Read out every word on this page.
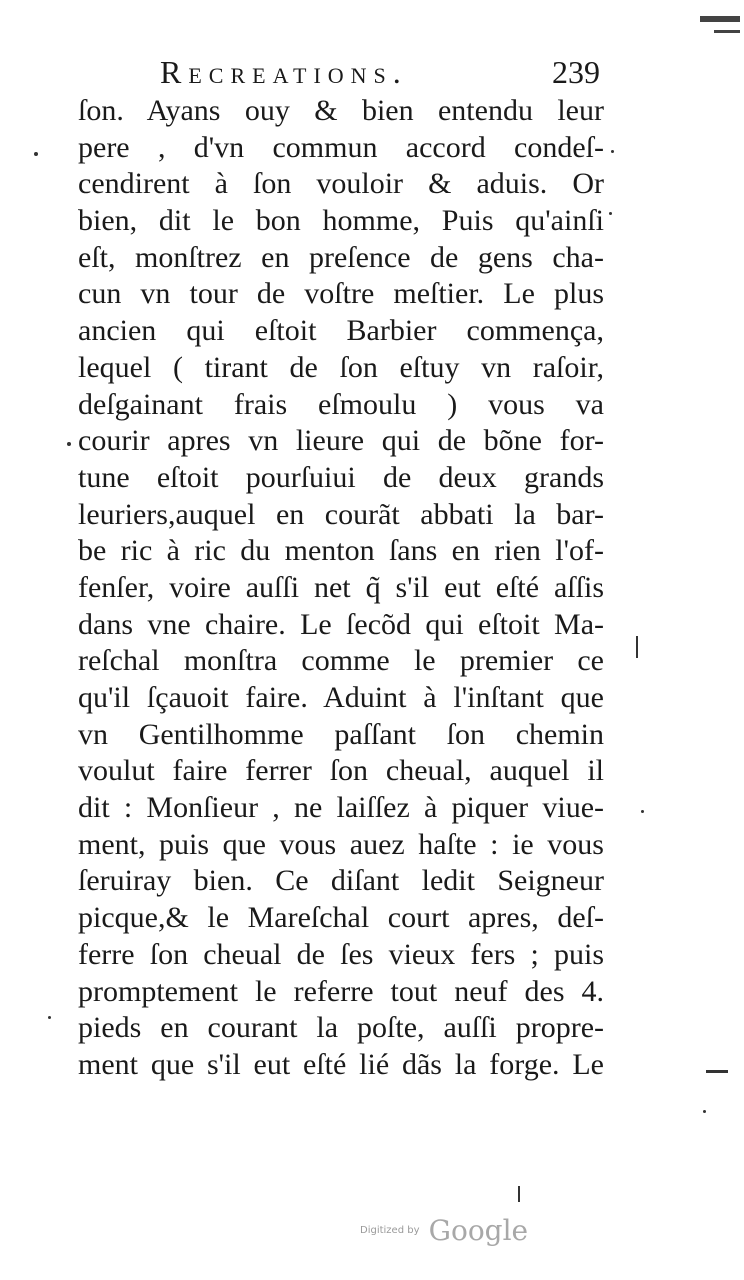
Recreations.	239
ſon. Ayans ouy & bien entendu leur
pere , d'vn commun accord condeſ-
cendirent à ſon vouloir & aduis. Or
bien, dit le bon homme, Puis qu'ainſi
eſt, monſtrez en preſence de gens cha-
cun vn tour de voſtre meſtier. Le plus
ancien qui eſtoit Barbier commença,
lequel ( tirant de ſon eſtuy vn raſoir,
deſgainant frais eſmoulu ) vous va
courir apres vn lieure qui de bõne for-
tune eſtoit pourſuiui de deux grands
leuriers,auquel en courãt abbati la bar-
be ric à ric du menton ſans en rien l'of-
fenſer, voire auſſi net q̃ s'il eut eſté aſſis
dans vne chaire. Le ſecõd qui eſtoit Ma-
reſchal monſtra comme le premier ce
qu'il ſçauoit faire. Aduint à l'inſtant que
vn Gentilhomme paſſant ſon chemin
voulut faire ferrer ſon cheual, auquel il
dit : Monſieur , ne laiſſez à piquer viue-
ment, puis que vous auez haſte : ie vous
ſeruiray bien. Ce diſant ledit Seigneur
picque,& le Mareſchal court apres, deſ-
ferre ſon cheual de ſes vieux fers ; puis
promptement le referre tout neuf des 4.
pieds en courant la poſte, auſſi propre-
ment que s'il eut eſté lié dãs la forge. Le
Digitized by Google
